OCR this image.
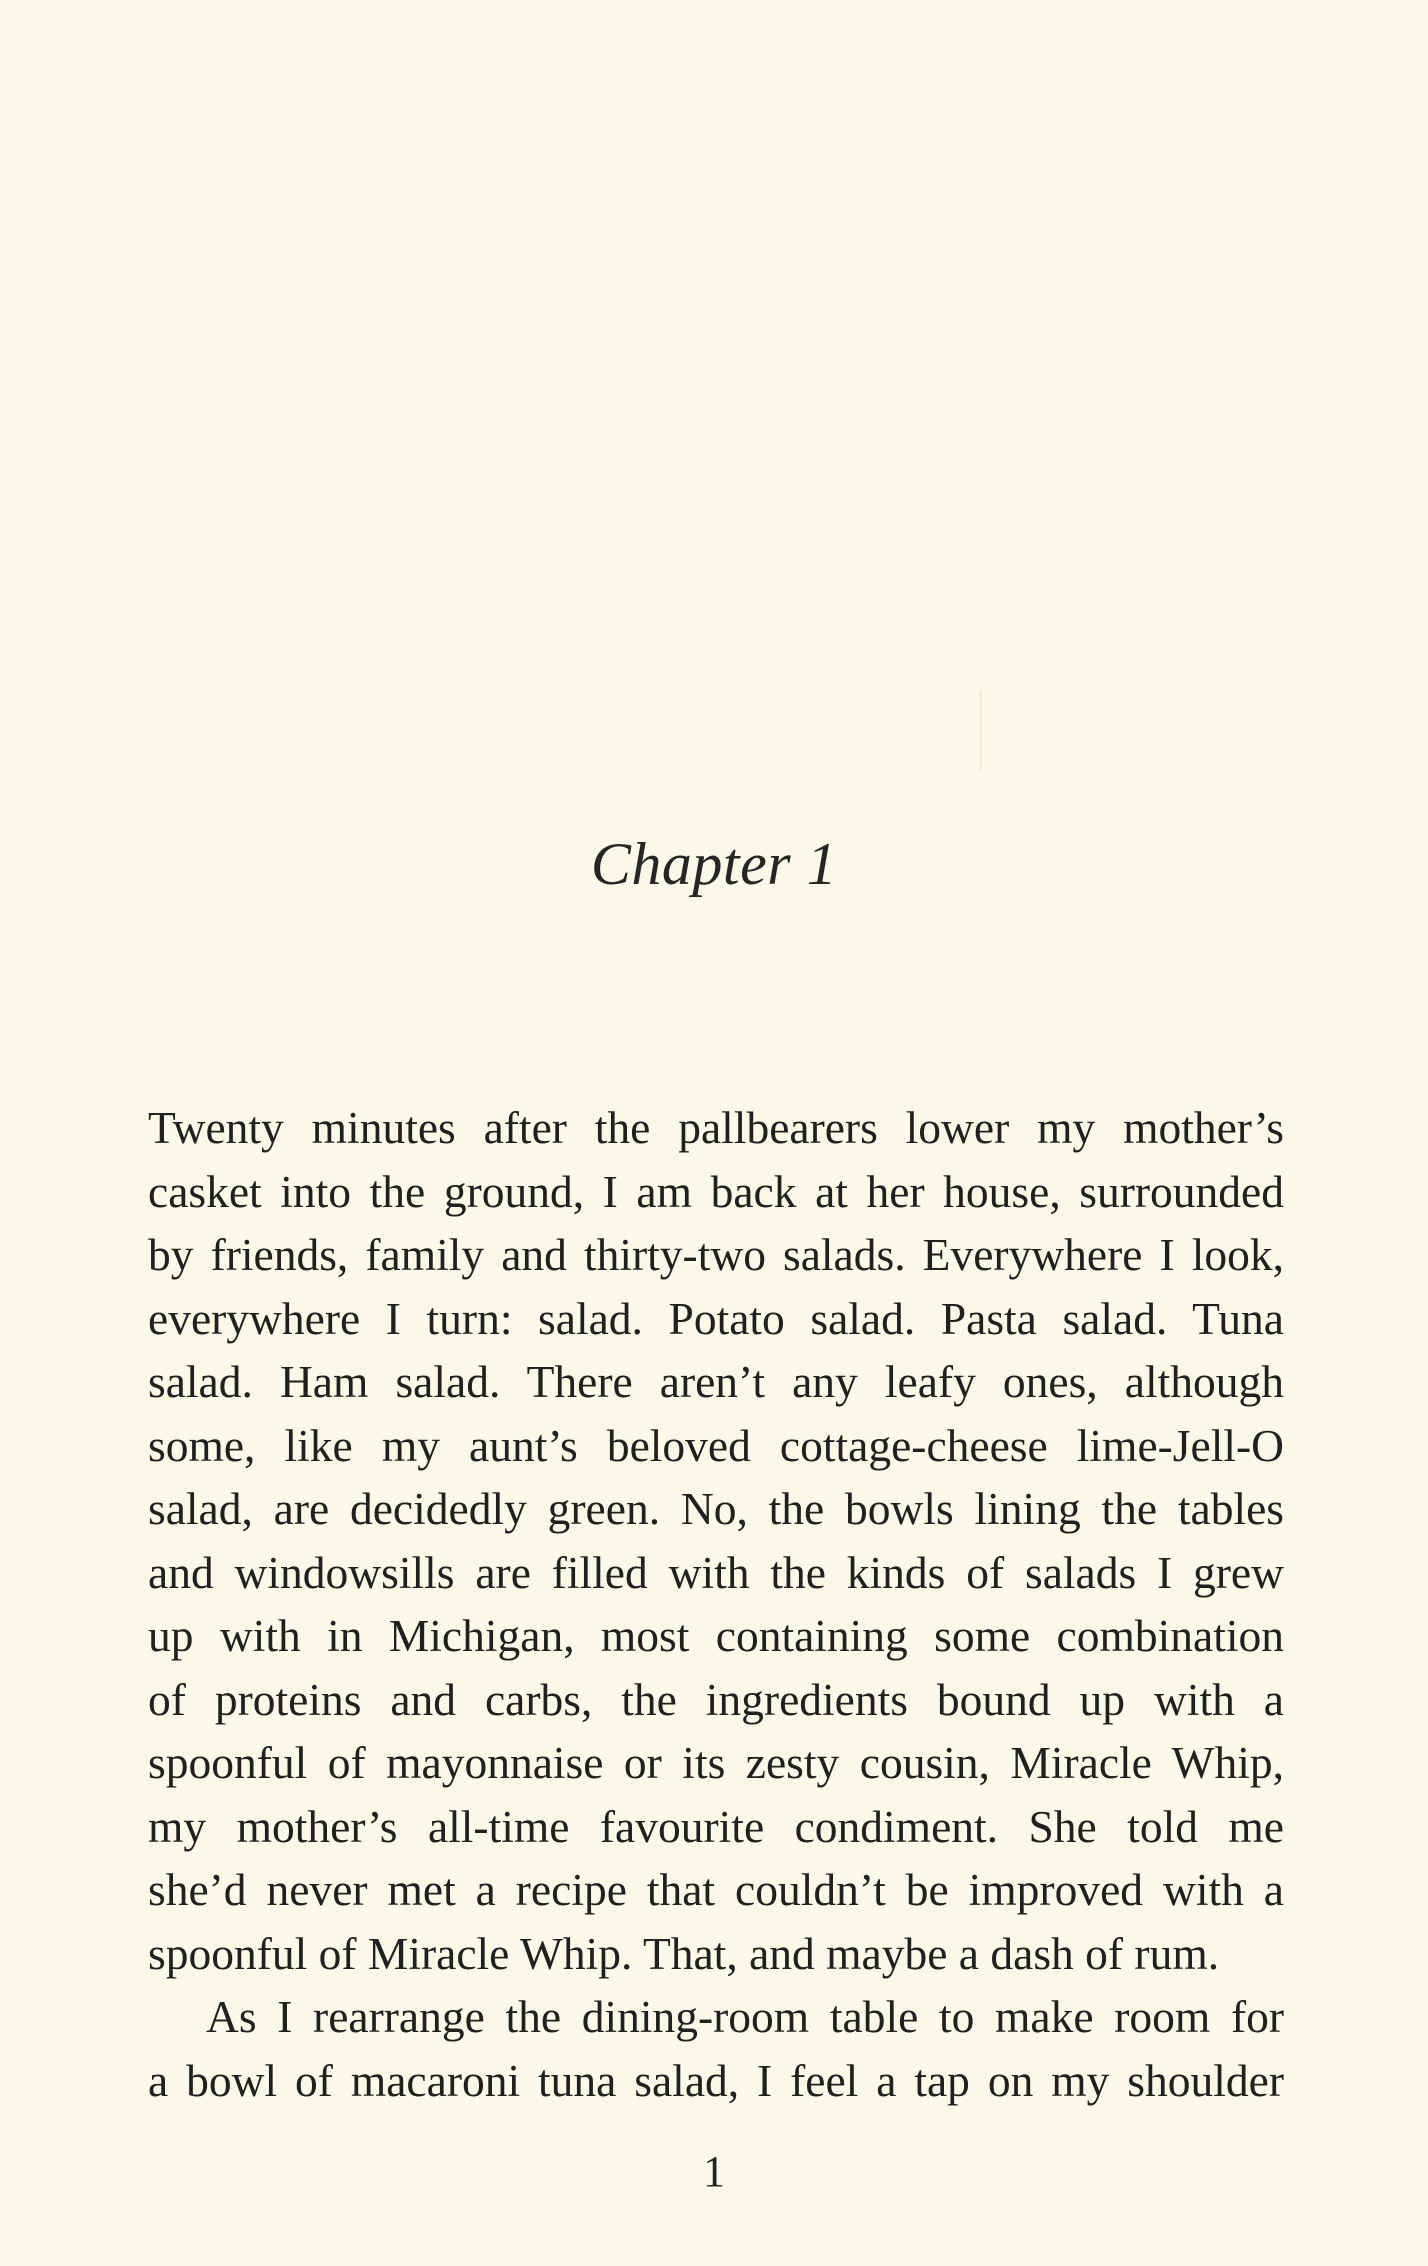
Chapter 1
Twenty minutes after the pallbearers lower my mother’s
casket into the ground, I am back at her house, surrounded
by friends, family and thirty-two salads. Everywhere I look,
everywhere I turn: salad. Potato salad. Pasta salad. Tuna
salad. Ham salad. There aren’t any leafy ones, although
some, like my aunt’s beloved cottage-cheese lime-Jell-O
salad, are decidedly green. No, the bowls lining the tables
and windowsills are filled with the kinds of salads I grew
up with in Michigan, most containing some combination
of proteins and carbs, the ingredients bound up with a
spoonful of mayonnaise or its zesty cousin, Miracle Whip,
my mother’s all-time favourite condiment. She told me
she’d never met a recipe that couldn’t be improved with a
spoonful of Miracle Whip. That, and maybe a dash of rum.
As I rearrange the dining-room table to make room for
a bowl of macaroni tuna salad, I feel a tap on my shoulder
1
